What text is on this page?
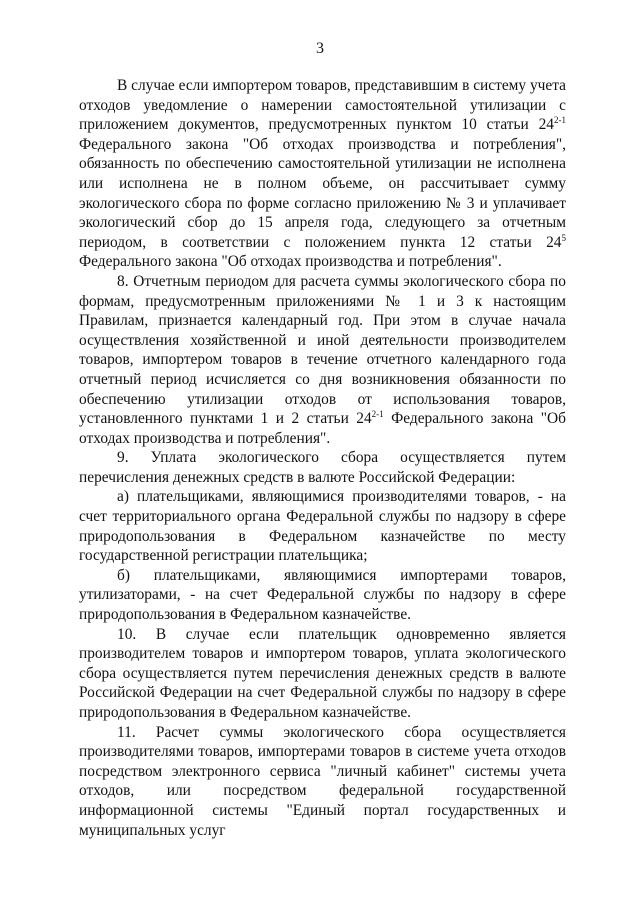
3

В случае если импортером товаров, представившим в систему учета отходов уведомление о намерении самостоятельной утилизации с приложением документов, предусмотренных пунктом 10 статьи 24$^{2-1}$ Федерального закона "Об отходах производства и потребления", обязанность по обеспечению самостоятельной утилизации не исполнена или исполнена не в полном объеме, он рассчитывает сумму экологического сбора по форме согласно приложению № 3 и уплачивает экологический сбор до 15 апреля года, следующего за отчетным периодом, в соответствии с положением пункта 12 статьи $24^5$ Федерального закона "Об отходах производства и потребления".

8. Отчетным периодом для расчета суммы экологического сбора по формам, предусмотренным приложениями № 1 и 3 к настоящим Правилам, признается календарный год. При этом в случае начала осуществления хозяйственной и иной деятельности производителем товаров, импортером товаров в течение отчетного календарного года отчетный период исчисляется со дня возникновения обязанности по обеспечению утилизации отходов от использования товаров, установленного пунктами 1 и 2 статьи 24$^{2-1}$ Федерального закона "Об отходах производства и потребления".

9. Уплата экологического сбора осуществляется путем перечисления денежных средств в валюте Российской Федерации:

а) плательщиками, являющимися производителями товаров, - на счет территориального органа Федеральной службы по надзору в сфере природопользования в Федеральном казначействе по месту государственной регистрации плательщика;

б) плательщиками, являющимися импортерами товаров, утилизаторами, - на счет Федеральной службы по надзору в сфере природопользования в Федеральном казначействе.

10. В случае если плательщик одновременно является производителем товаров и импортером товаров, уплата экологического сбора осуществляется путем перечисления денежных средств в валюте Российской Федерации на счет Федеральной службы по надзору в сфере природопользования в Федеральном казначействе.

11. Расчет суммы экологического сбора осуществляется производителями товаров, импортерами товаров в системе учета отходов посредством электронного сервиса "личный кабинет" системы учета отходов, или посредством федеральной государственной информационной системы "Единый портал государственных и муниципальных услуг
